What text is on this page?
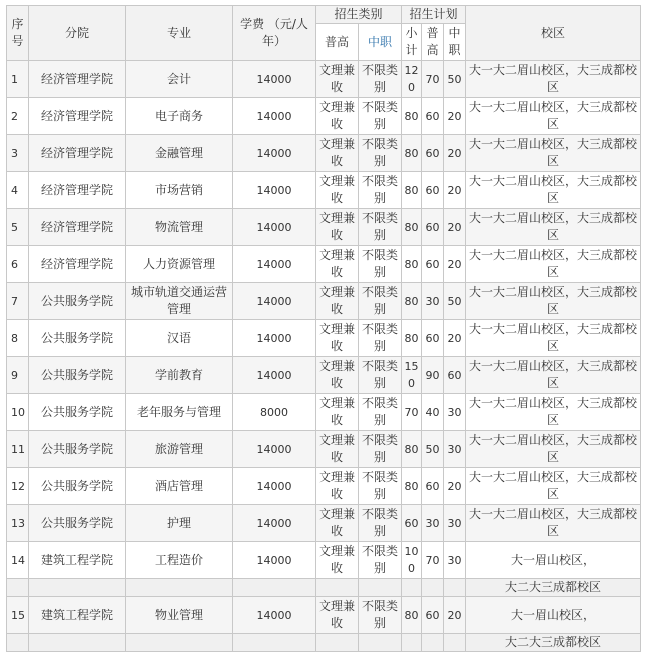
序号	分院	专业	学费 （元/人年）	招生类别		招生计划			校区
				普高	中职	小计	普高	中职	
1	经济管理学院	会计	14000	文理兼收	不限类别	120	70	50	大一大二眉山校区，大三成都校区
2	经济管理学院	电子商务	14000	文理兼收	不限类别	80	60	20	大一大二眉山校区，大三成都校区
3	经济管理学院	金融管理	14000	文理兼收	不限类别	80	60	20	大一大二眉山校区，大三成都校区
4	经济管理学院	市场营销	14000	文理兼收	不限类别	80	60	20	大一大二眉山校区，大三成都校区
5	经济管理学院	物流管理	14000	文理兼收	不限类别	80	60	20	大一大二眉山校区，大三成都校区
6	经济管理学院	人力资源管理	14000	文理兼收	不限类别	80	60	20	大一大二眉山校区，大三成都校区
7	公共服务学院	城市轨道交通运营管理	14000	文理兼收	不限类别	80	30	50	大一大二眉山校区，大三成都校区
8	公共服务学院	汉语	14000	文理兼收	不限类别	80	60	20	大一大二眉山校区，大三成都校区
9	公共服务学院	学前教育	14000	文理兼收	不限类别	150	90	60	大一大二眉山校区，大三成都校区
10	公共服务学院	老年服务与管理	8000	文理兼收	不限类别	70	40	30	大一大二眉山校区，大三成都校区
11	公共服务学院	旅游管理	14000	文理兼收	不限类别	80	50	30	大一大二眉山校区，大三成都校区
12	公共服务学院	酒店管理	14000	文理兼收	不限类别	80	60	20	大一大二眉山校区，大三成都校区
13	公共服务学院	护理	14000	文理兼收	不限类别	60	30	30	大一大二眉山校区，大三成都校区
14	建筑工程学院	工程造价	14000	文理兼收	不限类别	100	70	30	大一眉山校区，
									大二大三成都校区
15	建筑工程学院	物业管理	14000	文理兼收	不限类别	80	60	20	大一眉山校区，
									大二大三成都校区
